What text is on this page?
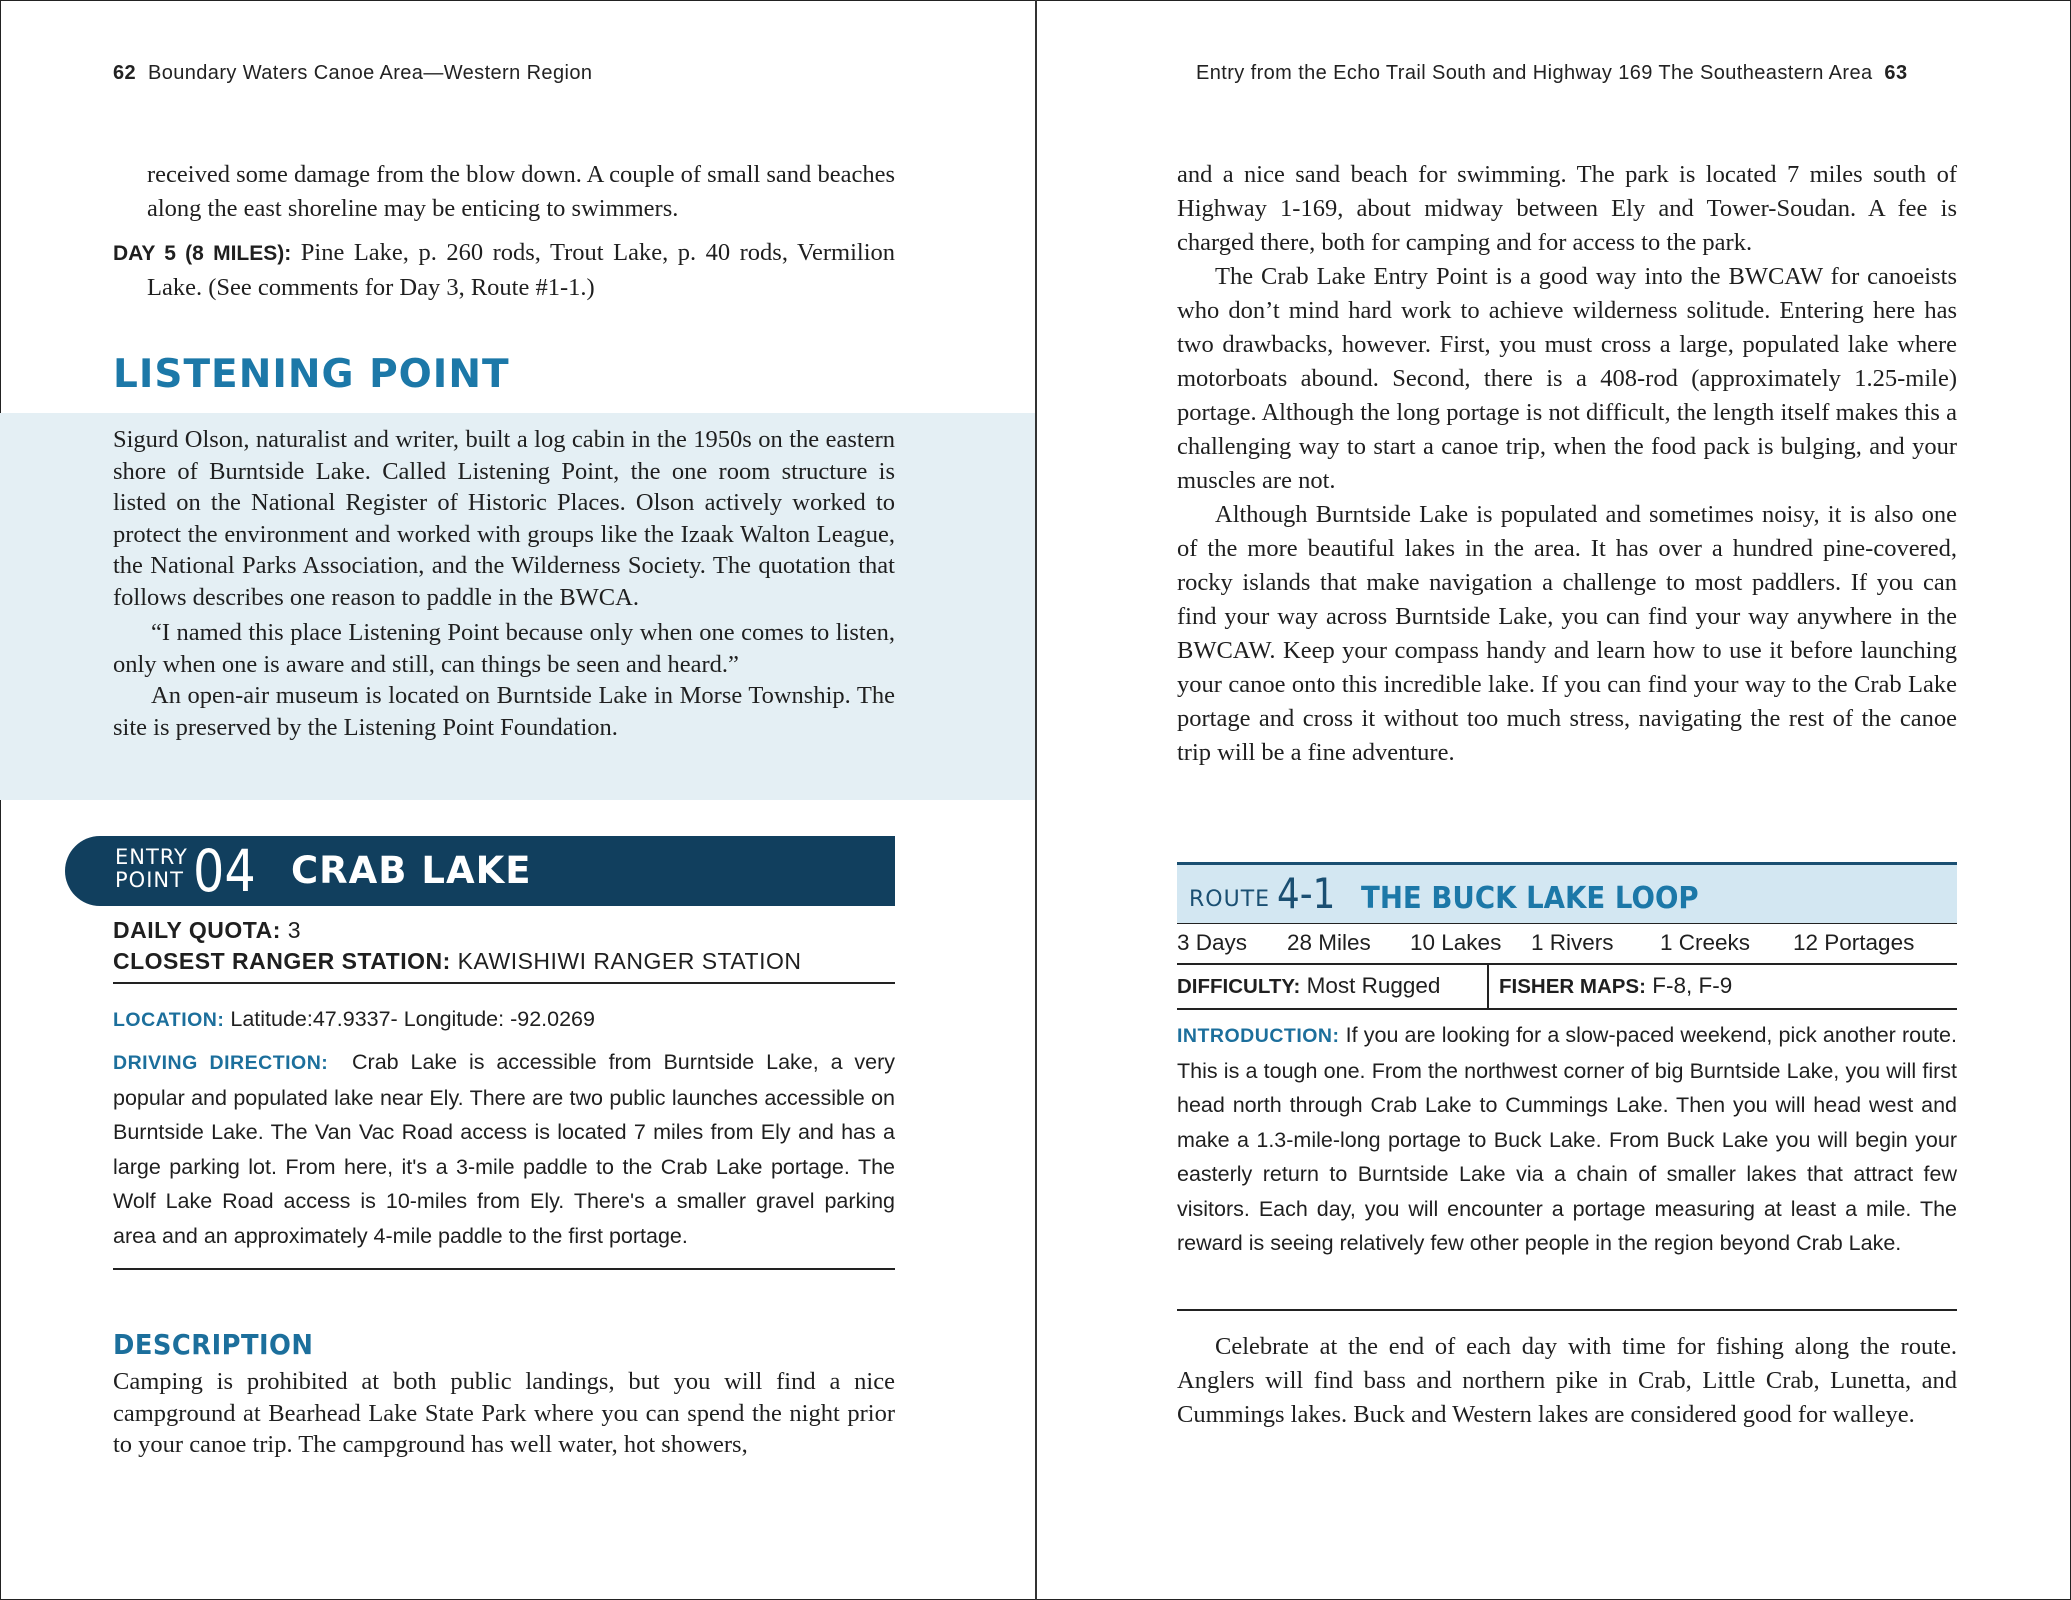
62 Boundary Waters Canoe Area—Western Region

received some damage from the blow down. A couple of small sand beaches along the east shoreline may be enticing to swimmers.

DAY 5 (8 MILES): Pine Lake, p. 260 rods, Trout Lake, p. 40 rods, Vermilion Lake. (See comments for Day 3, Route #1-1.)

LISTENING POINT

Sigurd Olson, naturalist and writer, built a log cabin in the 1950s on the eastern shore of Burntside Lake. Called Listening Point, the one room structure is listed on the National Register of Historic Places. Olson actively worked to protect the environment and worked with groups like the Izaak Walton League, the National Parks Association, and the Wilderness Society. The quotation that follows describes one reason to paddle in the BWCA.

“I named this place Listening Point because only when one comes to listen, only when one is aware and still, can things be seen and heard.”

An open-air museum is located on Burntside Lake in Morse Township. The site is preserved by the Listening Point Foundation.

ENTRY
POINT 04 CRAB LAKE
DAILY QUOTA: 3
CLOSEST RANGER STATION: KAWISHIWI RANGER STATION
LOCATION: Latitude:47.9337- Longitude: -92.0269
DRIVING DIRECTION: Crab Lake is accessible from Burntside Lake, a very popular and populated lake near Ely. There are two public launches accessible on Burntside Lake. The Van Vac Road access is located 7 miles from Ely and has a large parking lot. From here, it's a 3-mile paddle to the Crab Lake portage. The Wolf Lake Road access is 10-miles from Ely. There's a smaller gravel parking area and an approximately 4-mile paddle to the first portage.
DESCRIPTION
Camping is prohibited at both public landings, but you will find a nice campground at Bearhead Lake State Park where you can spend the night prior to your canoe trip. The campground has well water, hot showers,
Entry from the Echo Trail South and Highway 169 The Southeastern Area 63

and a nice sand beach for swimming. The park is located 7 miles south of Highway 1-169, about midway between Ely and Tower-Soudan. A fee is charged there, both for camping and for access to the park.

The Crab Lake Entry Point is a good way into the BWCAW for canoeists who don’t mind hard work to achieve wilderness solitude. Entering here has two drawbacks, however. First, you must cross a large, populated lake where motorboats abound. Second, there is a 408-rod (approximately 1.25-mile) portage. Although the long portage is not difficult, the length itself makes this a challenging way to start a canoe trip, when the food pack is bulging, and your muscles are not.

Although Burntside Lake is populated and sometimes noisy, it is also one of the more beautiful lakes in the area. It has over a hundred pine-covered, rocky islands that make navigation a challenge to most paddlers. If you can find your way across Burntside Lake, you can find your way anywhere in the BWCAW. Keep your compass handy and learn how to use it before launching your canoe onto this incredible lake. If you can find your way to the Crab Lake portage and cross it without too much stress, navigating the rest of the canoe trip will be a fine adventure.

ROUTE 4-1 THE BUCK LAKE LOOP
3 Days 28 Miles 10 Lakes 1 Rivers 1 Creeks 12 Portages
DIFFICULTY: Most Rugged	FISHER MAPS: F-8, F-9
INTRODUCTION: If you are looking for a slow-paced weekend, pick another route. This is a tough one. From the northwest corner of big Burntside Lake, you will first head north through Crab Lake to Cummings Lake. Then you will head west and make a 1.3-mile-long portage to Buck Lake. From Buck Lake you will begin your easterly return to Burntside Lake via a chain of smaller lakes that attract few visitors. Each day, you will encounter a portage measuring at least a mile. The reward is seeing relatively few other people in the region beyond Crab Lake.

Celebrate at the end of each day with time for fishing along the route. Anglers will find bass and northern pike in Crab, Little Crab, Lunetta, and Cummings lakes. Buck and Western lakes are considered good for walleye.
